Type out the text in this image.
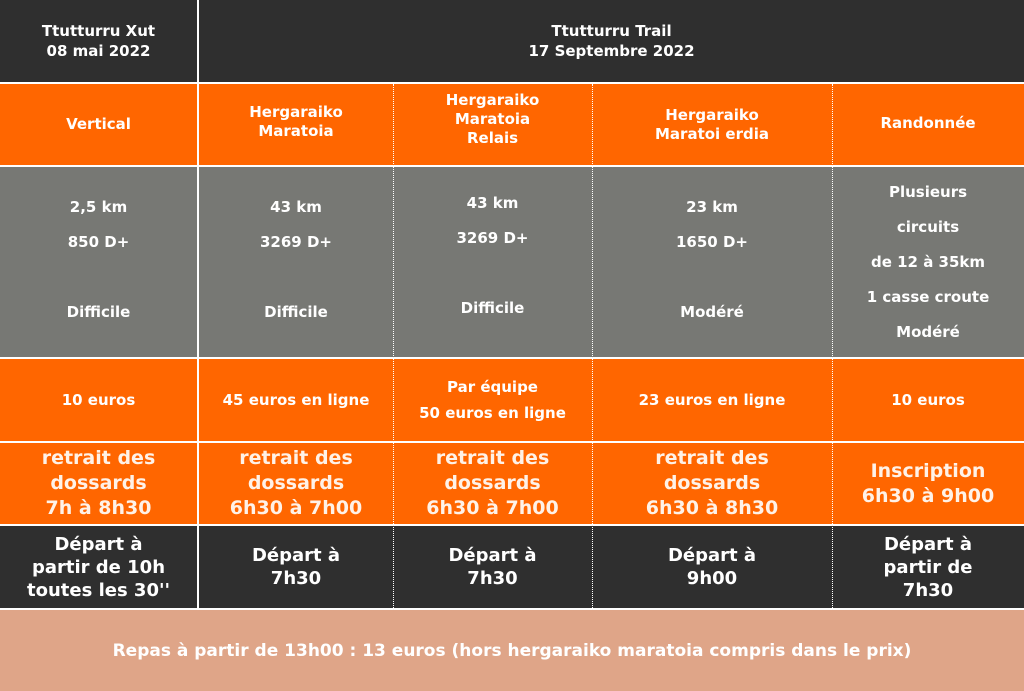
Ttutturru Xut
08 mai 2022
Ttutturru Trail
17 Septembre 2022
Vertical
Hergaraiko
Maratoia
Hergaraiko
Maratoia
Relais
Hergaraiko
Maratoi erdia
Randonnée
2,5 km
850 D+
Difficile
43 km
3269 D+
Difficile
43 km
3269 D+
Difficile
23 km
1650 D+
Modéré
Plusieurs
circuits
de 12 à 35km
1 casse croute
Modéré
10 euros	45 euros en ligne
Par équipe
50 euros en ligne
23 euros en ligne	10 euros
retrait des
dossards
7h à 8h30
retrait des
dossards
6h30 à 7h00
retrait des
dossards
6h30 à 7h00
retrait des
dossards
6h30 à 8h30
Inscription
6h30 à 9h00
Départ à
partir de 10h
toutes les 30''
Départ à
7h30
Départ à
7h30
Départ à
9h00
Départ à
partir de
7h30
Repas à partir de 13h00 : 13 euros (hors hergaraiko maratoia compris dans le prix)
